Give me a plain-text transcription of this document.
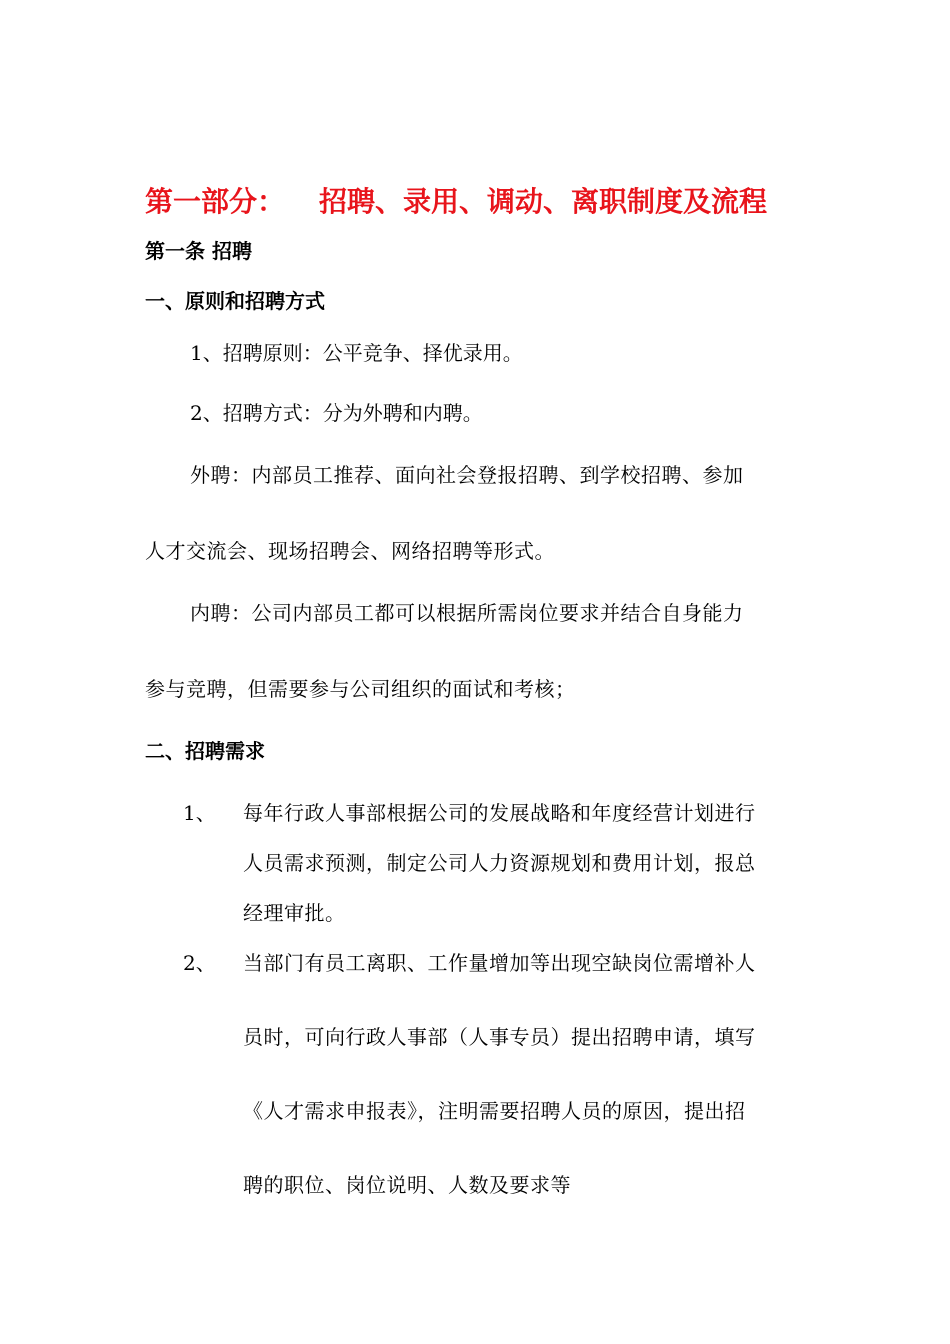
第一部分： 招聘、录用、调动、离职制度及流程
第一条 招聘
一、原则和招聘方式
1、招聘原则：公平竞争、择优录用。
2、招聘方式：分为外聘和内聘。
外聘：内部员工推荐、面向社会登报招聘、到学校招聘、参加
人才交流会、现场招聘会、网络招聘等形式。
内聘：公司内部员工都可以根据所需岗位要求并结合自身能力
参与竞聘，但需要参与公司组织的面试和考核；
二、招聘需求
1、 每年行政人事部根据公司的发展战略和年度经营计划进行
人员需求预测，制定公司人力资源规划和费用计划，报总
经理审批。
2、 当部门有员工离职、工作量增加等出现空缺岗位需增补人
员时，可向行政人事部（人事专员）提出招聘申请，填写
《人才需求申报表》，注明需要招聘人员的原因，提出招
聘的职位、岗位说明、人数及要求等
